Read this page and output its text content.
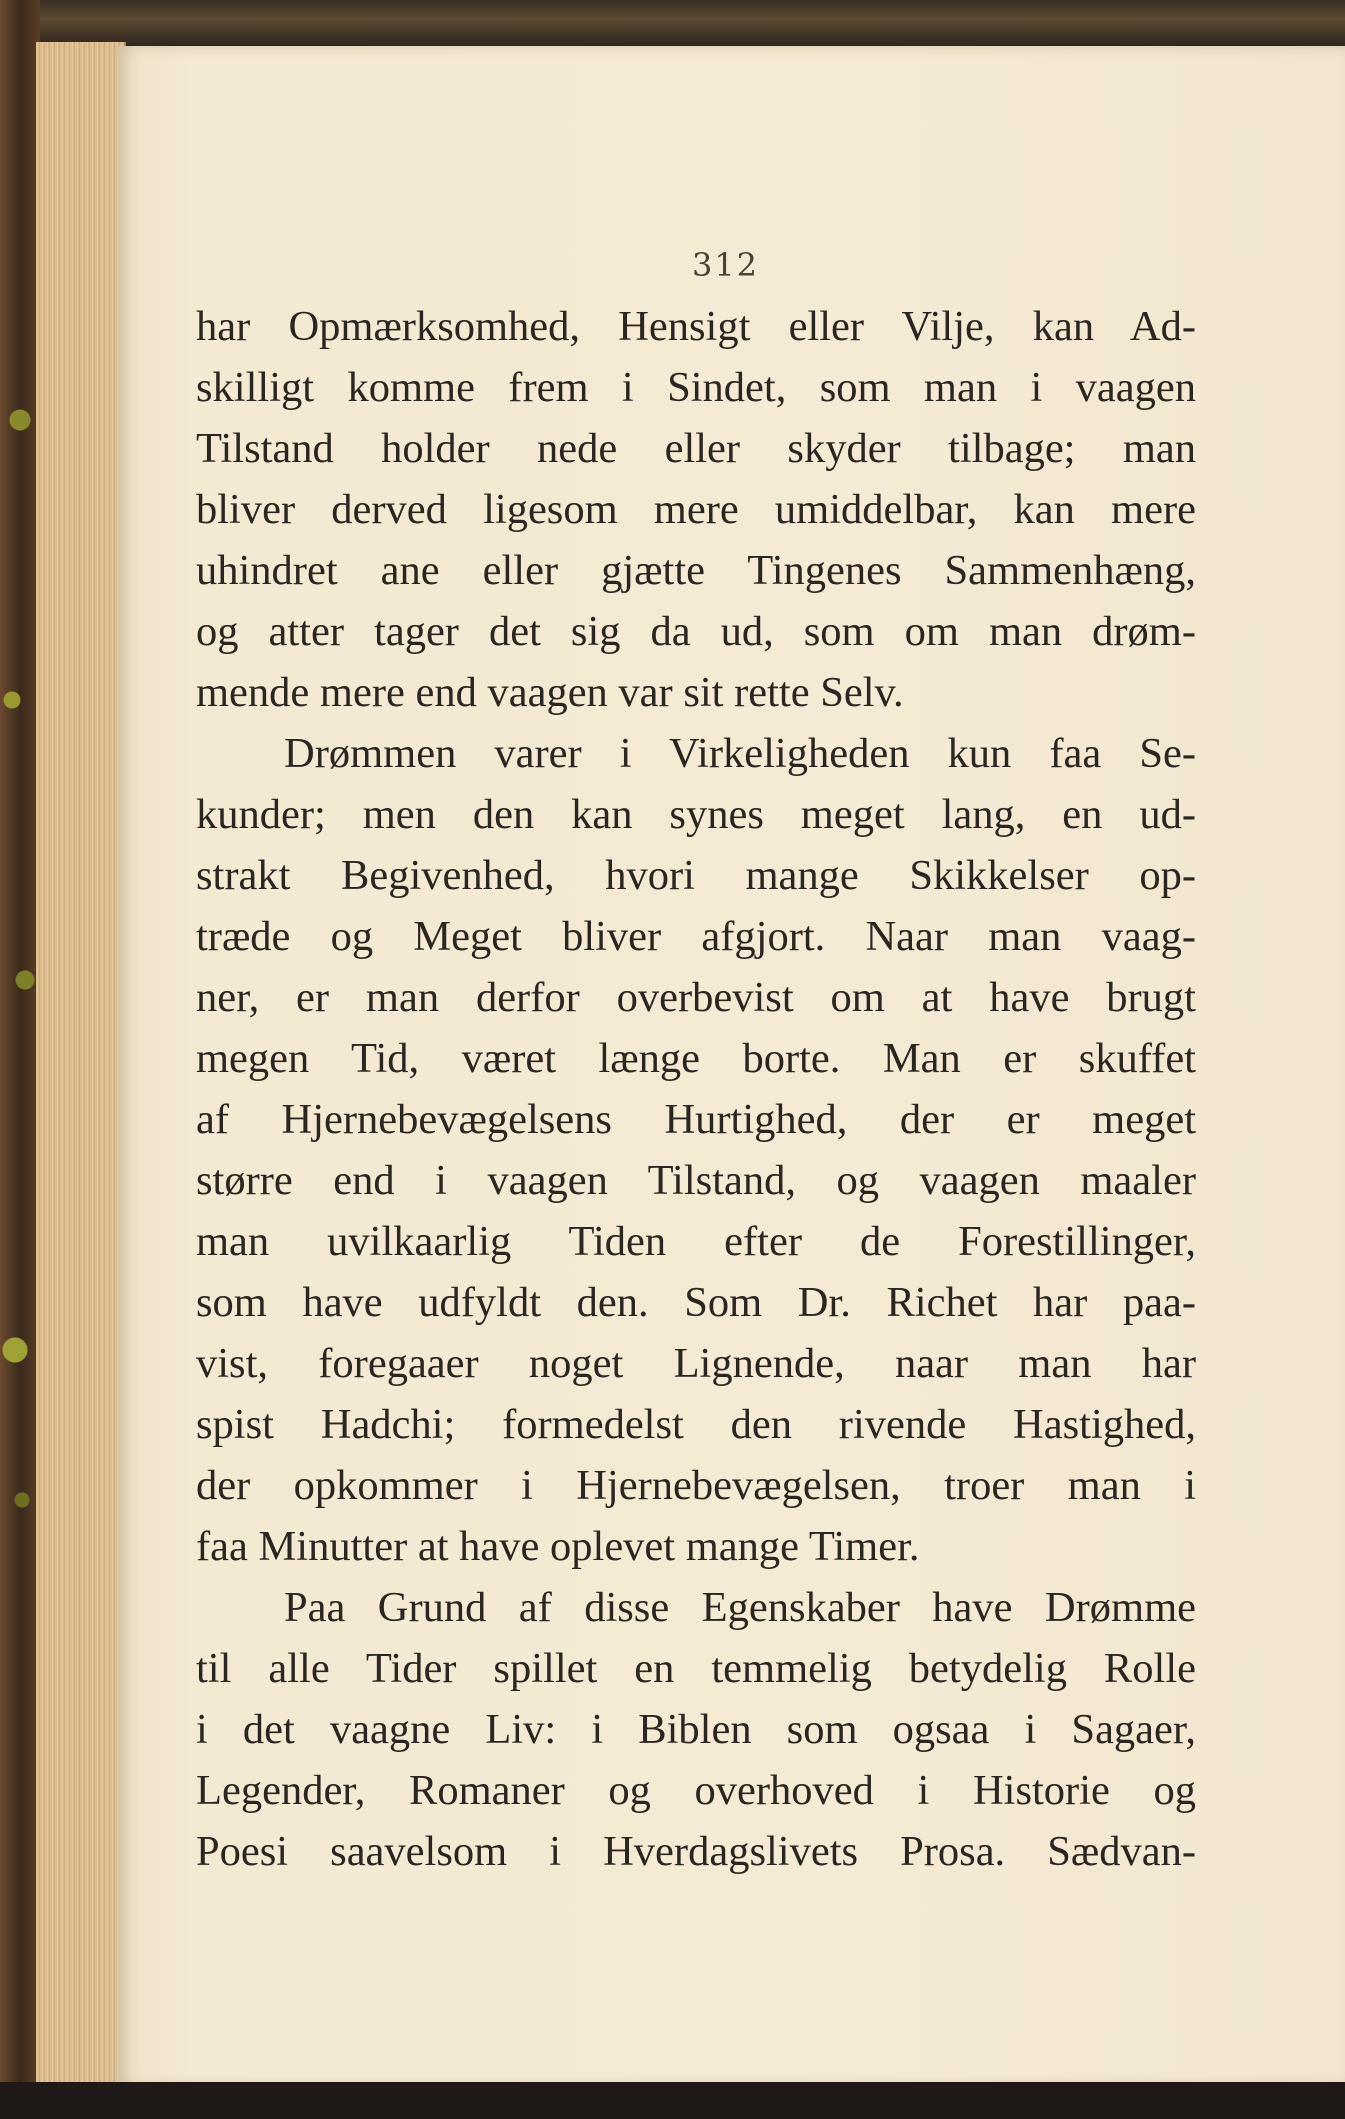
312
har Opmærksomhed, Hensigt eller Vilje, kan Ad-
skilligt komme frem i Sindet, som man i vaagen
Tilstand holder nede eller skyder tilbage; man
bliver derved ligesom mere umiddelbar, kan mere
uhindret ane eller gjætte Tingenes Sammenhæng,
og atter tager det sig da ud, som om man drøm-
mende mere end vaagen var sit rette Selv.
Drømmen varer i Virkeligheden kun faa Se-
kunder; men den kan synes meget lang, en ud-
strakt Begivenhed, hvori mange Skikkelser op-
træde og Meget bliver afgjort. Naar man vaag-
ner, er man derfor overbevist om at have brugt
megen Tid, været længe borte. Man er skuffet
af Hjernebevægelsens Hurtighed, der er meget
større end i vaagen Tilstand, og vaagen maaler
man uvilkaarlig Tiden efter de Forestillinger,
som have udfyldt den. Som Dr. Richet har paa-
vist, foregaaer noget Lignende, naar man har
spist Hadchi; formedelst den rivende Hastighed,
der opkommer i Hjernebevægelsen, troer man i
faa Minutter at have oplevet mange Timer.
Paa Grund af disse Egenskaber have Drømme
til alle Tider spillet en temmelig betydelig Rolle
i det vaagne Liv: i Biblen som ogsaa i Sagaer,
Legender, Romaner og overhoved i Historie og
Poesi saavelsom i Hverdagslivets Prosa. Sædvan-
